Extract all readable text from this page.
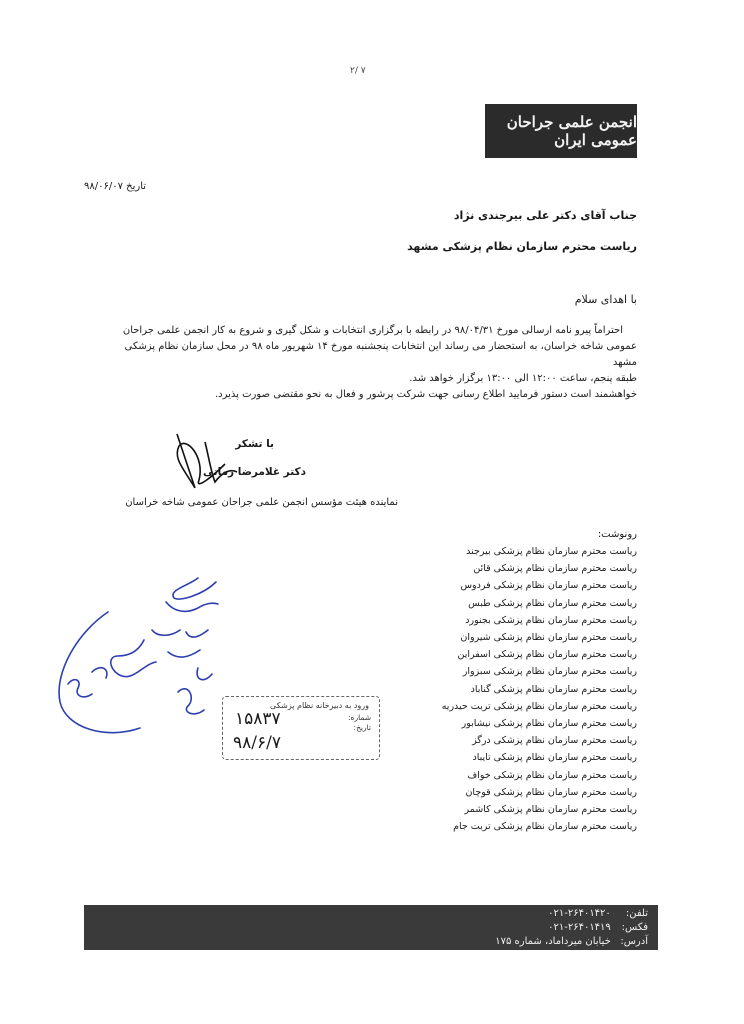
۲/ ۷
انجمن علمی جراحان عمومی ایران
تاریخ ۹۸/۰۶/۰۷
جناب آقای دکتر علی بیرجندی نژاد
ریاست محترم سازمان نظام پزشکی مشهد
با اهدای سلام

احتراماً پیرو نامه ارسالی مورخ ۹۸/۰۴/۳۱ در رابطه با برگزاری انتخابات و شکل گیری و شروع به کار انجمن علمی جراحان

عمومی شاخه خراسان، به استحضار می رساند این انتخابات پنجشنبه مورخ ۱۴ شهریور ماه ۹۸ در محل سازمان نظام پزشکی مشهد

طبقه پنجم، ساعت ۱۲:۰۰ الی ۱۳:۰۰ برگزار خواهد شد.

خواهشمند است دستور فرمایید اطلاع رسانی جهت شرکت پرشور و فعال به نحو مقتضی صورت پذیرد.

با تشکر
دکتر غلامرضا زمانی
نماینده هیئت مؤسس انجمن علمی جراحان عمومی شاخه خراسان
رونوشت:
ریاست محترم سازمان نظام پزشکی بیرجند
ریاست محترم سازمان نظام پزشکی قائن
ریاست محترم سازمان نظام پزشکی فردوس
ریاست محترم سازمان نظام پزشکی طبس
ریاست محترم سازمان نظام پزشکی بجنورد
ریاست محترم سازمان نظام پزشکی شیروان
ریاست محترم سازمان نظام پزشکی اسفراین
ریاست محترم سازمان نظام پزشکی سبزوار
ریاست محترم سازمان نظام پزشکی گناباد
ریاست محترم سازمان نظام پزشکی تربت حیدریه
ریاست محترم سازمان نظام پزشکی نیشابور
ریاست محترم سازمان نظام پزشکی درگز
ریاست محترم سازمان نظام پزشکی تایباد
ریاست محترم سازمان نظام پزشکی خواف
ریاست محترم سازمان نظام پزشکی قوچان
ریاست محترم سازمان نظام پزشکی کاشمر
ریاست محترم سازمان نظام پزشکی تربت جام
ورود به دبیرخانه نظام پزشکی
شماره:
تاریخ:
۱۵۸۳۷
۹۸/۶/۷
تلفن: ۰۲۱-۲۶۴۰۱۴۲۰
فکس: ۰۲۱-۲۶۴۰۱۴۱۹
آدرس: خیابان میرداماد، شماره ۱۷۵
